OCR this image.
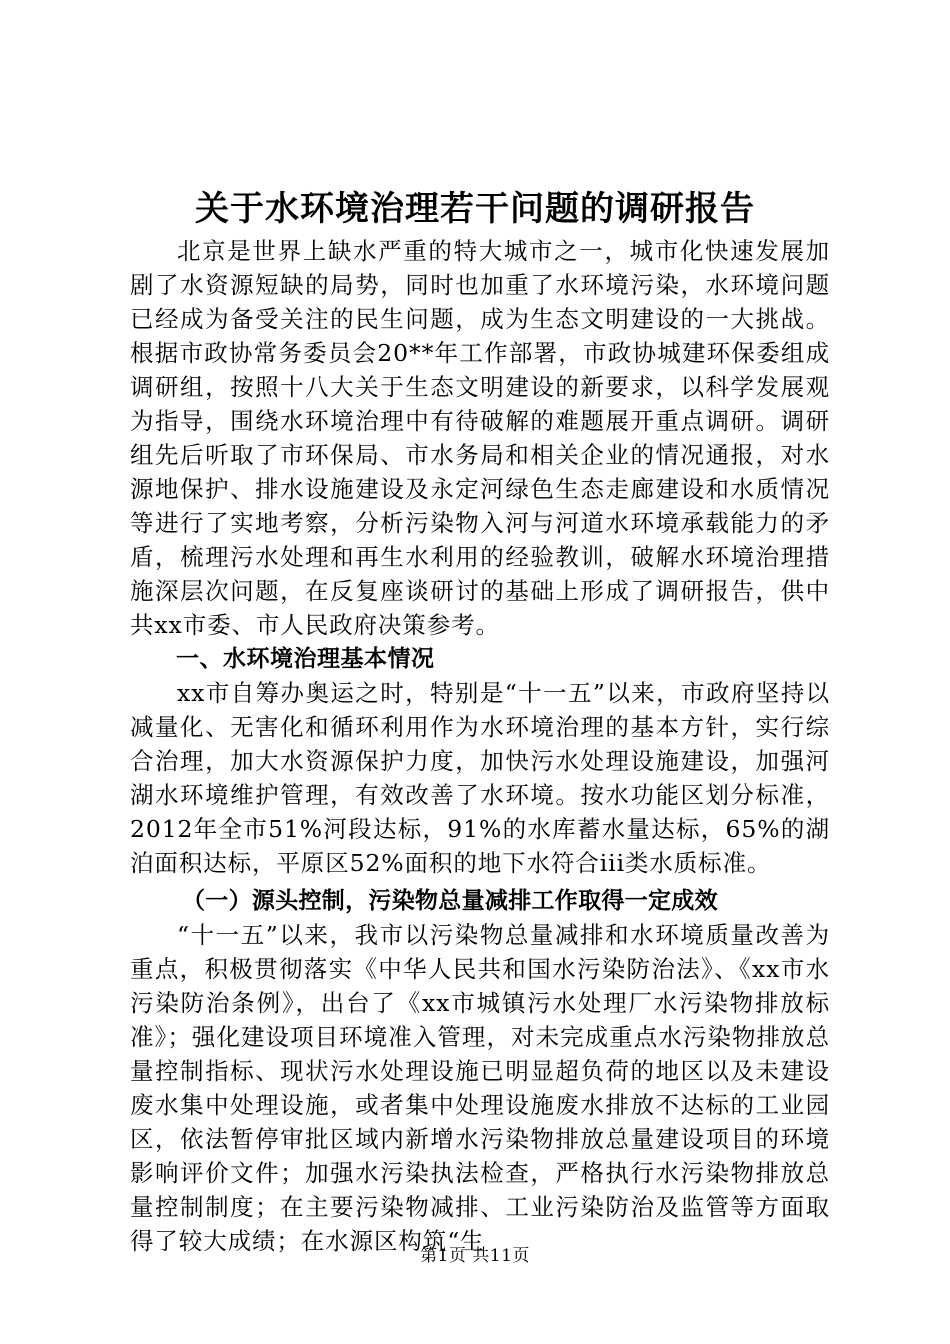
关于水环境治理若干问题的调研报告

北京是世界上缺水严重的特大城市之一，城市化快速发展加剧了水资源短缺的局势，同时也加重了水环境污染，水环境问题已经成为备受关注的民生问题，成为生态文明建设的一大挑战。根据市政协常务委员会20**年工作部署，市政协城建环保委组成调研组，按照十八大关于生态文明建设的新要求，以科学发展观为指导，围绕水环境治理中有待破解的难题展开重点调研。调研组先后听取了市环保局、市水务局和相关企业的情况通报，对水源地保护、排水设施建设及永定河绿色生态走廊建设和水质情况等进行了实地考察，分析污染物入河与河道水环境承载能力的矛盾，梳理污水处理和再生水利用的经验教训，破解水环境治理措施深层次问题，在反复座谈研讨的基础上形成了调研报告，供中共xx市委、市人民政府决策参考。

一、水环境治理基本情况

xx市自筹办奥运之时，特别是“十一五”以来，市政府坚持以减量化、无害化和循环利用作为水环境治理的基本方针，实行综合治理，加大水资源保护力度，加快污水处理设施建设，加强河湖水环境维护管理，有效改善了水环境。按水功能区划分标准，2012年全市51%河段达标，91%的水库蓄水量达标，65%的湖泊面积达标，平原区52%面积的地下水符合iii类水质标准。

（一）源头控制，污染物总量减排工作取得一定成效

“十一五”以来，我市以污染物总量减排和水环境质量改善为重点，积极贯彻落实《中华人民共和国水污染防治法》、《xx市水污染防治条例》，出台了《xx市城镇污水处理厂水污染物排放标准》；强化建设项目环境准入管理，对未完成重点水污染物排放总量控制指标、现状污水处理设施已明显超负荷的地区以及未建设废水集中处理设施，或者集中处理设施废水排放不达标的工业园区，依法暂停审批区域内新增水污染物排放总量建设项目的环境影响评价文件；加强水污染执法检查，严格执行水污染物排放总量控制制度；在主要污染物减排、工业污染防治及监管等方面取得了较大成绩；在水源区构筑“生

第1页 共11页
